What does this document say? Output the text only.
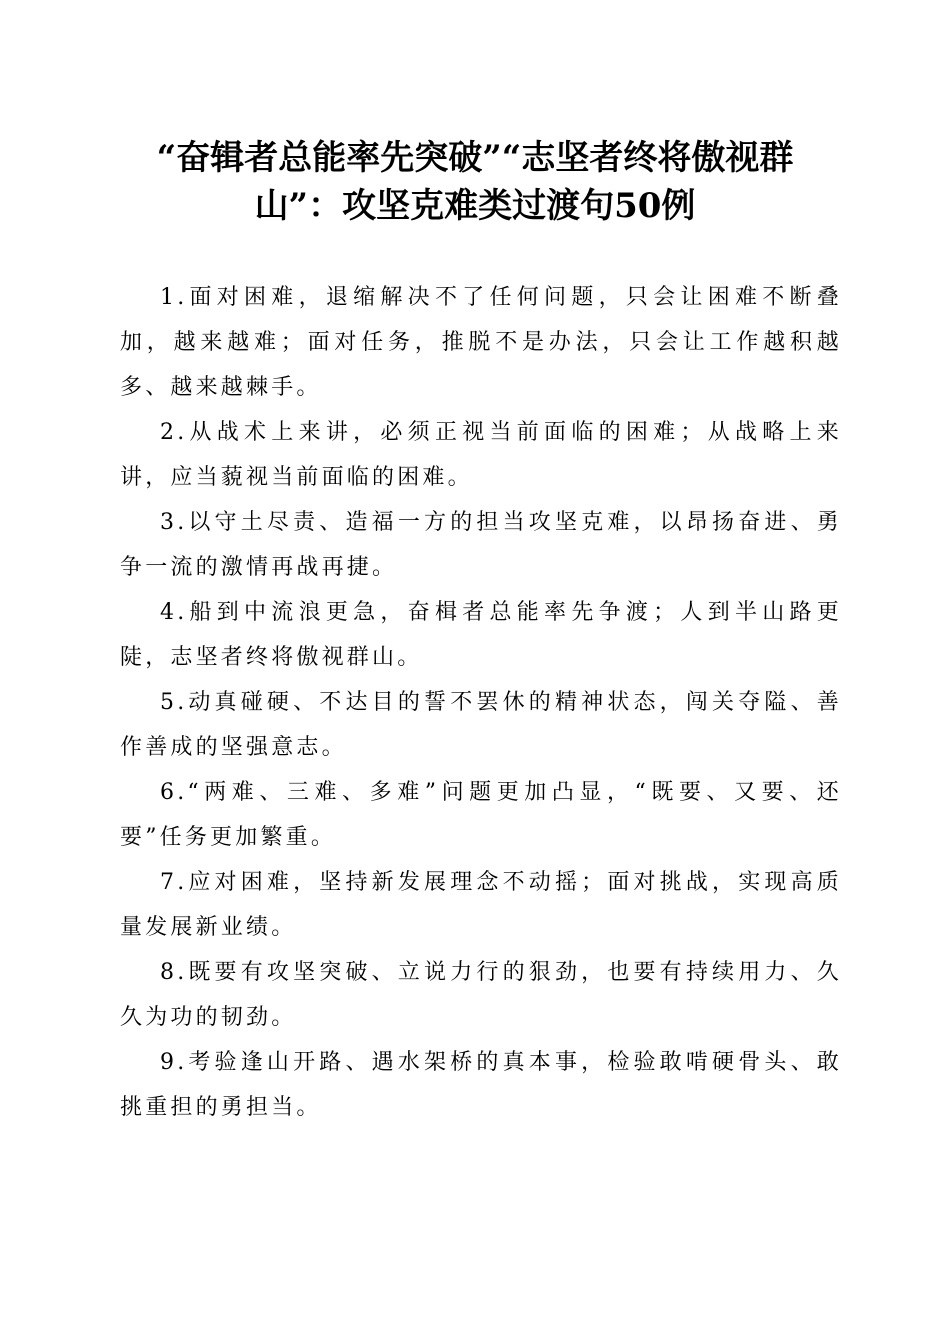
“奋辑者总能率先突破”“志坚者终将傲视群
山”：攻坚克难类过渡句50例

1.面对困难，退缩解决不了任何问题，只会让困难不断叠加，越来越难；面对任务，推脱不是办法，只会让工作越积越多、越来越棘手。

2.从战术上来讲，必须正视当前面临的困难；从战略上来讲，应当藐视当前面临的困难。

3.以守土尽责、造福一方的担当攻坚克难，以昂扬奋进、勇争一流的激情再战再捷。

4.船到中流浪更急，奋楫者总能率先争渡；人到半山路更陡，志坚者终将傲视群山。

5.动真碰硬、不达目的誓不罢休的精神状态，闯关夺隘、善作善成的坚强意志。

6.“两难、三难、多难”问题更加凸显，“既要、又要、还要”任务更加繁重。

7.应对困难，坚持新发展理念不动摇；面对挑战，实现高质量发展新业绩。

8.既要有攻坚突破、立说力行的狠劲，也要有持续用力、久久为功的韧劲。

9.考验逢山开路、遇水架桥的真本事，检验敢啃硬骨头、敢挑重担的勇担当。
